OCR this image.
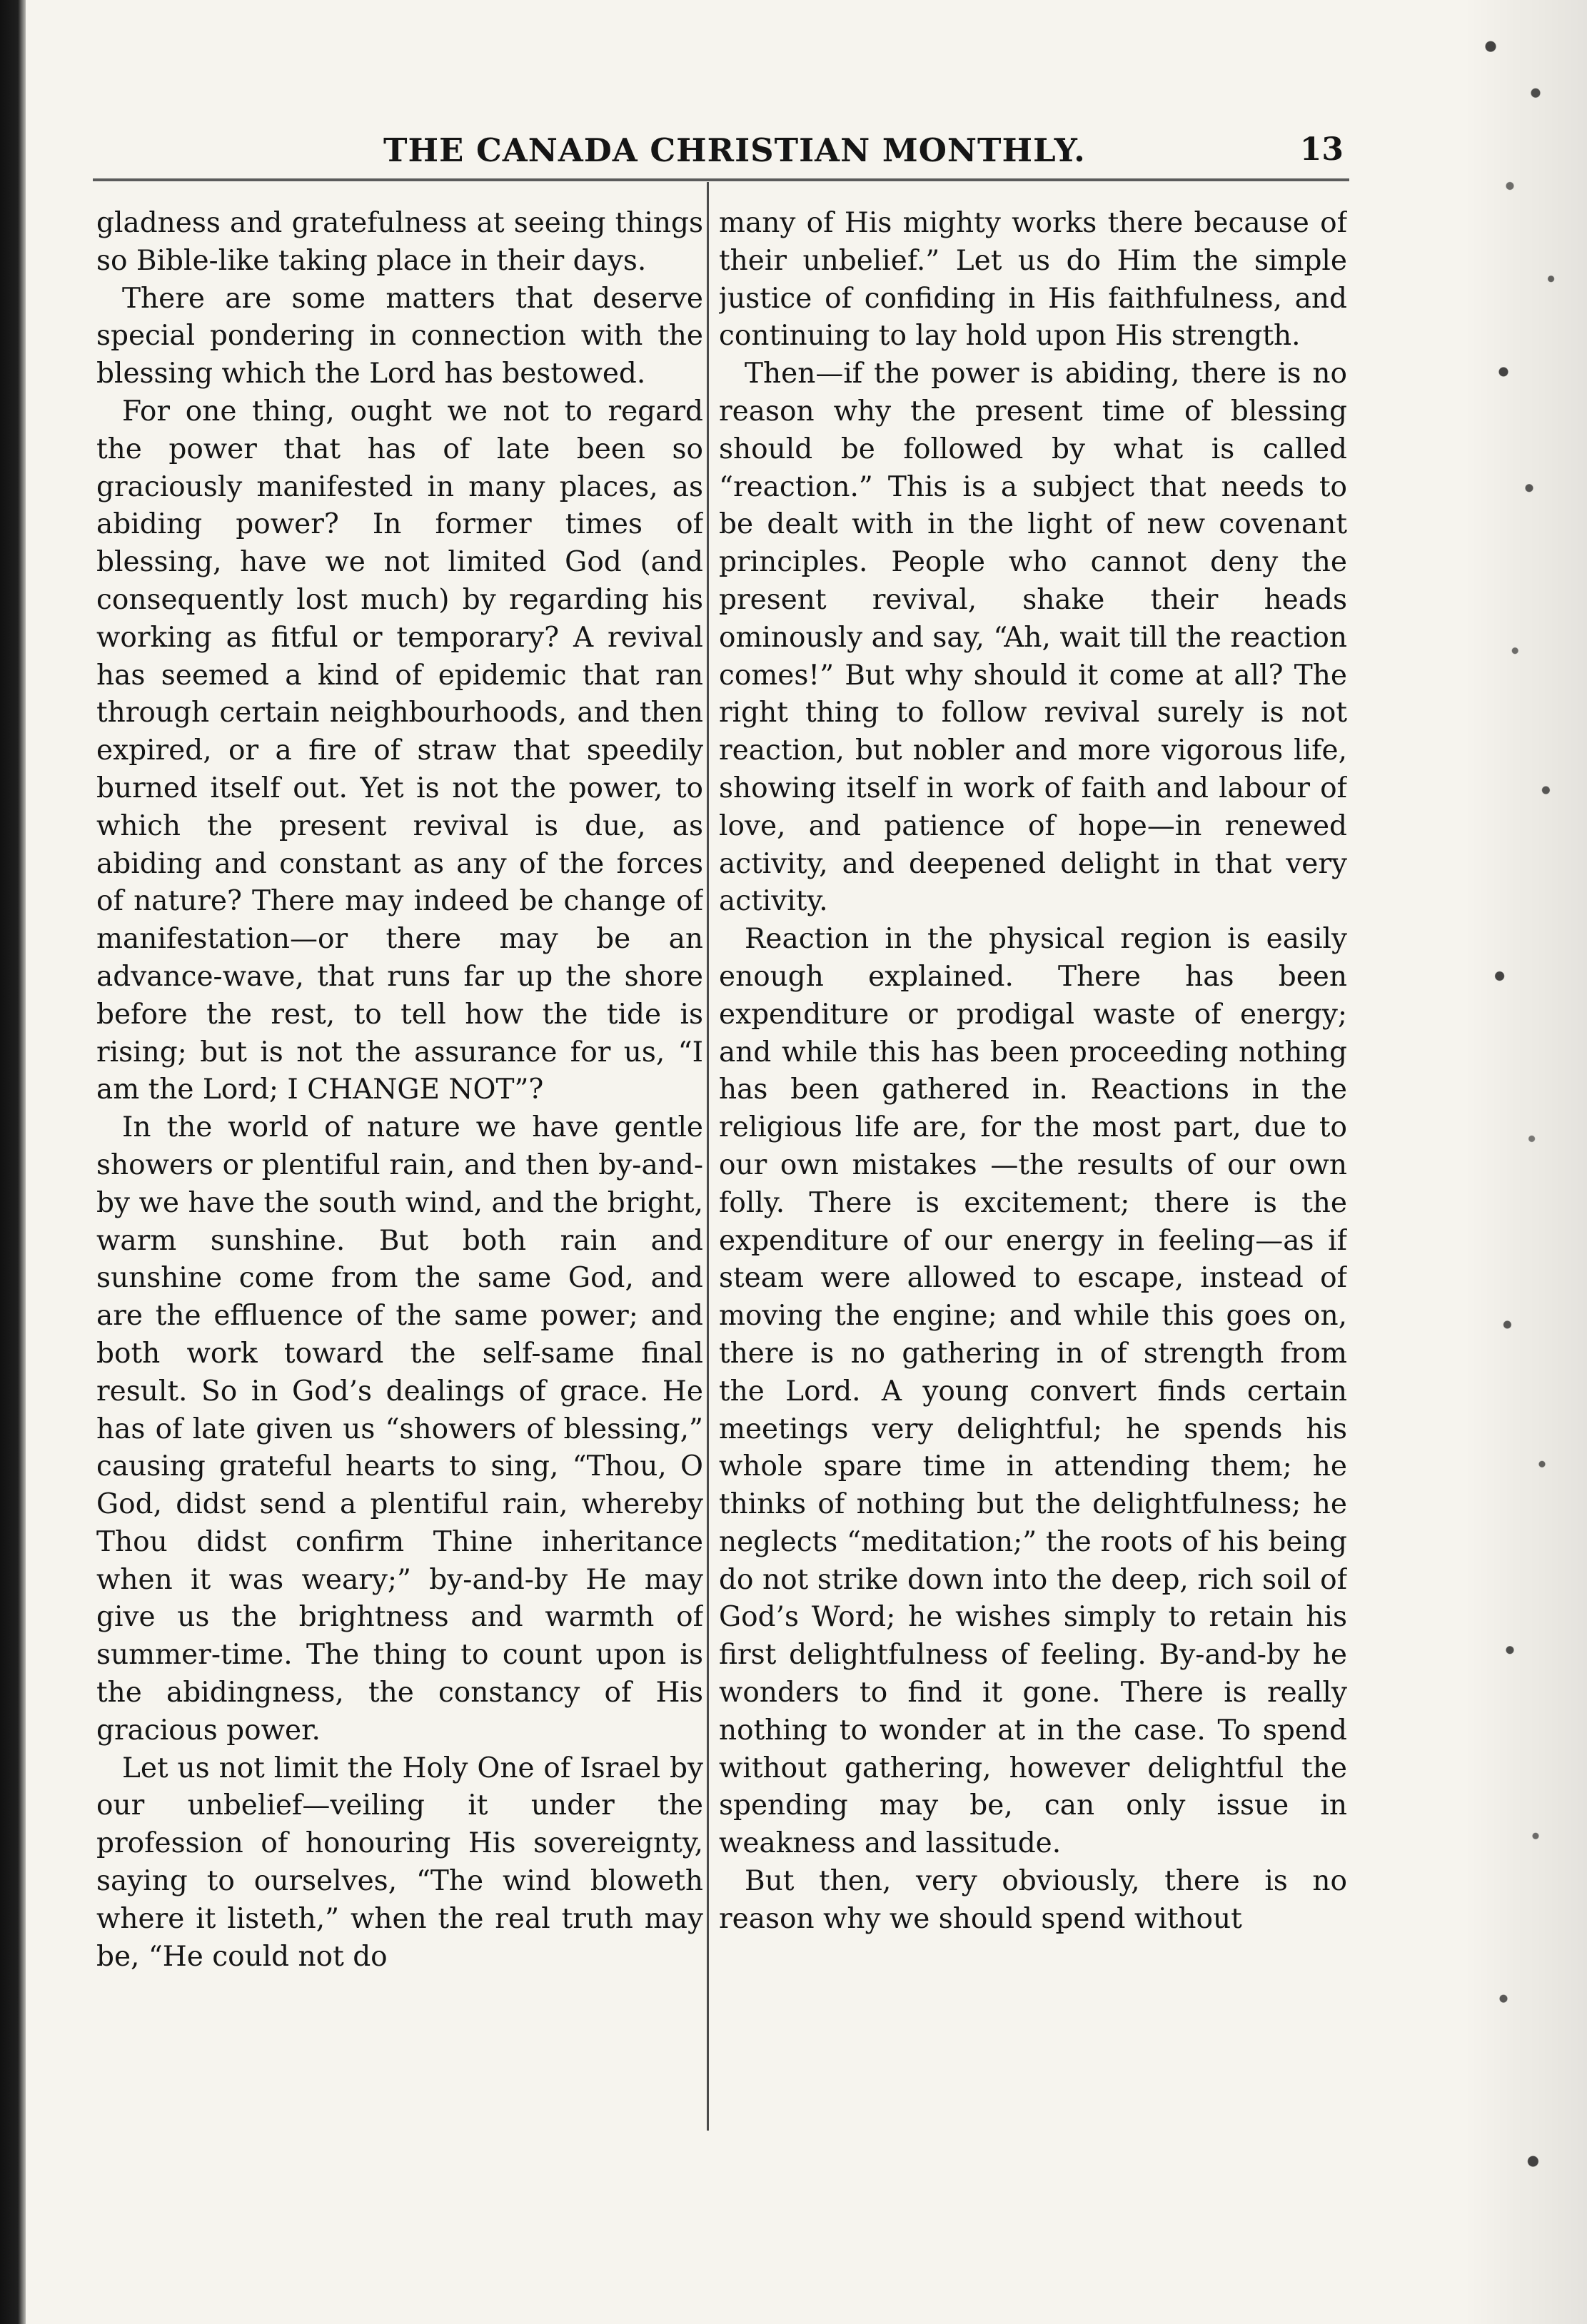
THE CANADA CHRISTIAN MONTHLY.	13

gladness and gratefulness at seeing things so Bible-like taking place in their days.

There are some matters that deserve special pondering in connection with the blessing which the Lord has bestowed.

For one thing, ought we not to regard the power that has of late been so graciously manifested in many places, as abiding power? In former times of blessing, have we not limited God (and consequently lost much) by regarding his working as fitful or temporary? A revival has seemed a kind of epidemic that ran through certain neighbourhoods, and then expired, or a fire of straw that speedily burned itself out. Yet is not the power, to which the present revival is due, as abiding and constant as any of the forces of nature? There may indeed be change of manifestation—or there may be an advance-wave, that runs far up the shore before the rest, to tell how the tide is rising; but is not the assurance for us, “I am the Lord; I CHANGE NOT”?

In the world of nature we have gentle showers or plentiful rain, and then by-and-by we have the south wind, and the bright, warm sunshine. But both rain and sunshine come from the same God, and are the effluence of the same power; and both work toward the self-same final result. So in God’s dealings of grace. He has of late given us “showers of blessing,” causing grateful hearts to sing, “Thou, O God, didst send a plentiful rain, whereby Thou didst confirm Thine inheritance when it was weary;” by-and-by He may give us the brightness and warmth of summer-time. The thing to count upon is the abidingness, the constancy of His gracious power.

Let us not limit the Holy One of Israel by our unbelief—veiling it under the profession of honouring His sovereignty, saying to ourselves, “The wind bloweth where it listeth,” when the real truth may be, “He could not do

many of His mighty works there because of their unbelief.” Let us do Him the simple justice of confiding in His faithfulness, and continuing to lay hold upon His strength.

Then—if the power is abiding, there is no reason why the present time of blessing should be followed by what is called “reaction.” This is a subject that needs to be dealt with in the light of new covenant principles. People who cannot deny the present revival, shake their heads ominously and say, “Ah, wait till the reaction comes!” But why should it come at all? The right thing to follow revival surely is not reaction, but nobler and more vigorous life, showing itself in work of faith and labour of love, and patience of hope—in renewed activity, and deepened delight in that very activity.

Reaction in the physical region is easily enough explained. There has been expenditure or prodigal waste of energy; and while this has been proceeding nothing has been gathered in. Reactions in the religious life are, for the most part, due to our own mistakes —the results of our own folly. There is excitement; there is the expenditure of our energy in feeling—as if steam were allowed to escape, instead of moving the engine; and while this goes on, there is no gathering in of strength from the Lord. A young convert finds certain meetings very delightful; he spends his whole spare time in attending them; he thinks of nothing but the delightfulness; he neglects “meditation;” the roots of his being do not strike down into the deep, rich soil of God’s Word; he wishes simply to retain his first delightfulness of feeling. By-and-by he wonders to find it gone. There is really nothing to wonder at in the case. To spend without gathering, however delightful the spending may be, can only issue in weakness and lassitude.

But then, very obviously, there is no reason why we should spend without
